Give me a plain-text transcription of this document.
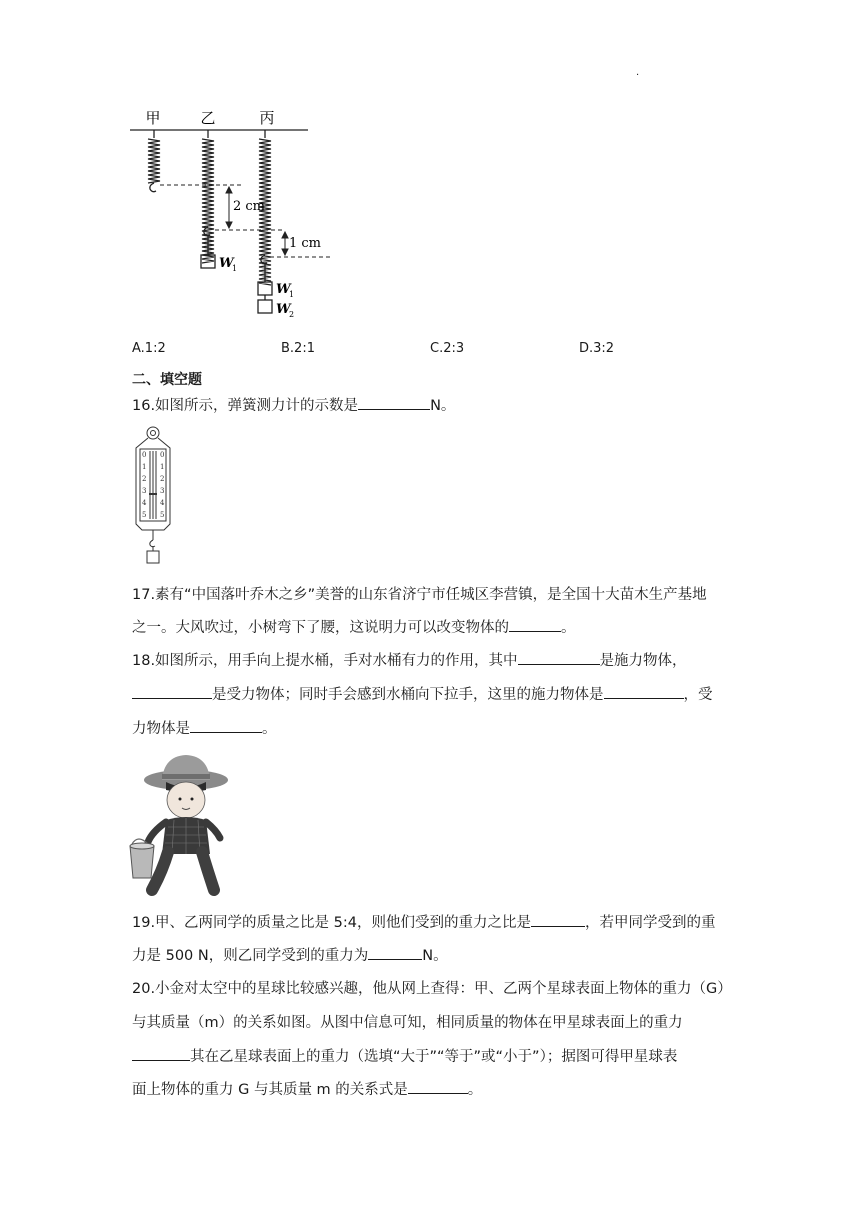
.
甲	乙	丙
2 cm
1 cm
W
1
W
1
W
2
A.1:2	B.2:1	C.2:3	D.3:2
二、填空题
16.如图所示，弹簧测力计的示数是	N。
0
1
2
3
4
5
0
1
2
3
4
5
17.素有“中国落叶乔木之乡”美誉的山东省济宁市任城区李营镇，是全国十大苗木生产基地
之一。大风吹过，小树弯下了腰，这说明力可以改变物体的	。
18.如图所示，用手向上提水桶，手对水桶有力的作用，其中	是施力物体，
是受力物体；同时手会感到水桶向下拉手，这里的施力物体是	，受
力物体是	。
19.甲、乙两同学的质量之比是 5:4，则他们受到的重力之比是	，若甲同学受到的重
力是 500 N，则乙同学受到的重力为	N。
20.小金对太空中的星球比较感兴趣，他从网上查得：甲、乙两个星球表面上物体的重力（G）
与其质量（m）的关系如图。从图中信息可知，相同质量的物体在甲星球表面上的重力
其在乙星球表面上的重力（选填“大于”“等于”或“小于”）；据图可得甲星球表
面上物体的重力 G 与其质量 m 的关系式是	。
